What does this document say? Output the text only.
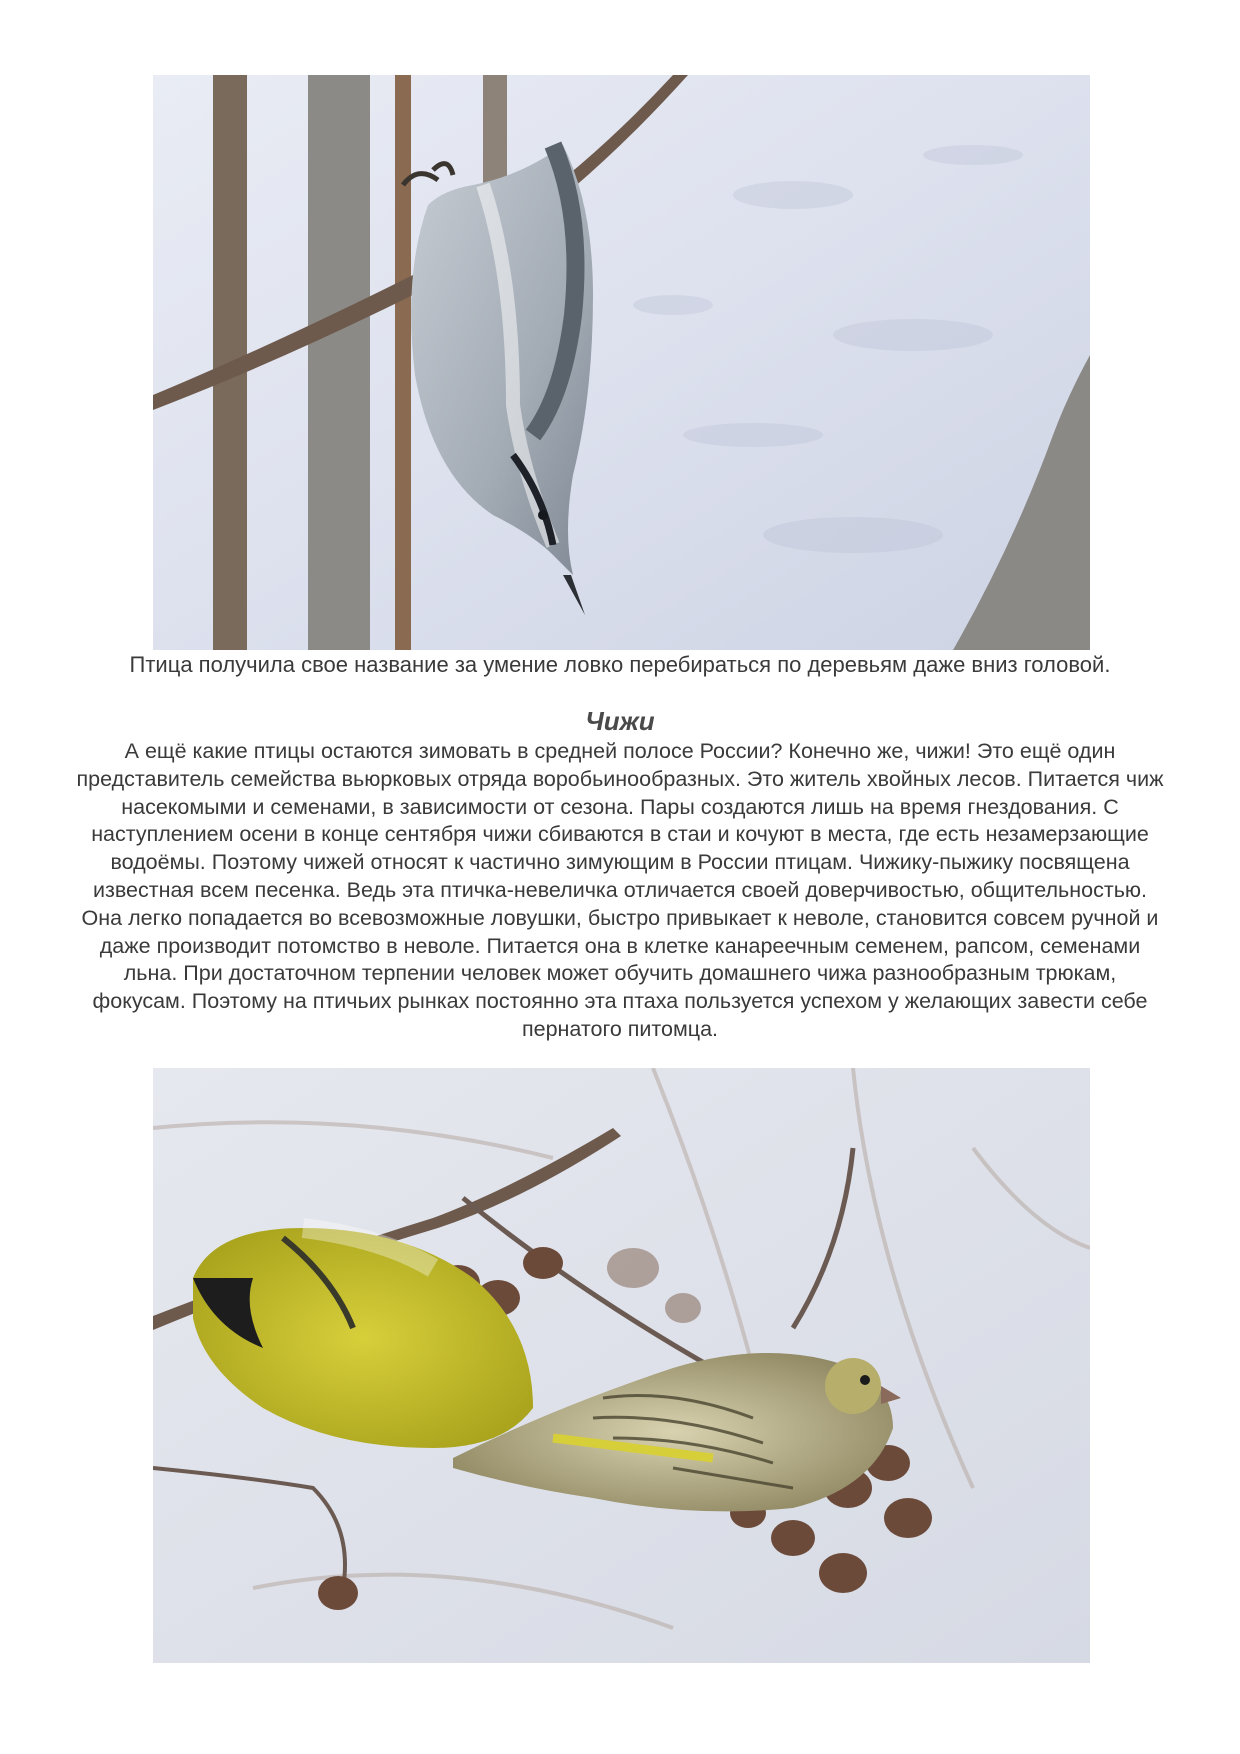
Птица получила свое название за умение ловко перебираться по деревьям даже вниз головой.
Чижи
А ещё какие птицы остаются зимовать в средней полосе России? Конечно же, чижи! Это ещё один представитель семейства вьюрковых отряда воробьинообразных. Это житель хвойных лесов. Питается чиж насекомыми и семенами, в зависимости от сезона. Пары создаются лишь на время гнездования. С наступлением осени в конце сентября чижи сбиваются в стаи и кочуют в места, где есть незамерзающие водоёмы. Поэтому чижей относят к частично зимующим в России птицам. Чижику-пыжику посвящена известная всем песенка. Ведь эта птичка-невеличка отличается своей доверчивостью, общительностью. Она легко попадается во всевозможные ловушки, быстро привыкает к неволе, становится совсем ручной и даже производит потомство в неволе. Питается она в клетке канареечным семенем, рапсом, семенами льна. При достаточном терпении человек может обучить домашнего чижа разнообразным трюкам, фокусам. Поэтому на птичьих рынках постоянно эта птаха пользуется успехом у желающих завести себе пернатого питомца.
